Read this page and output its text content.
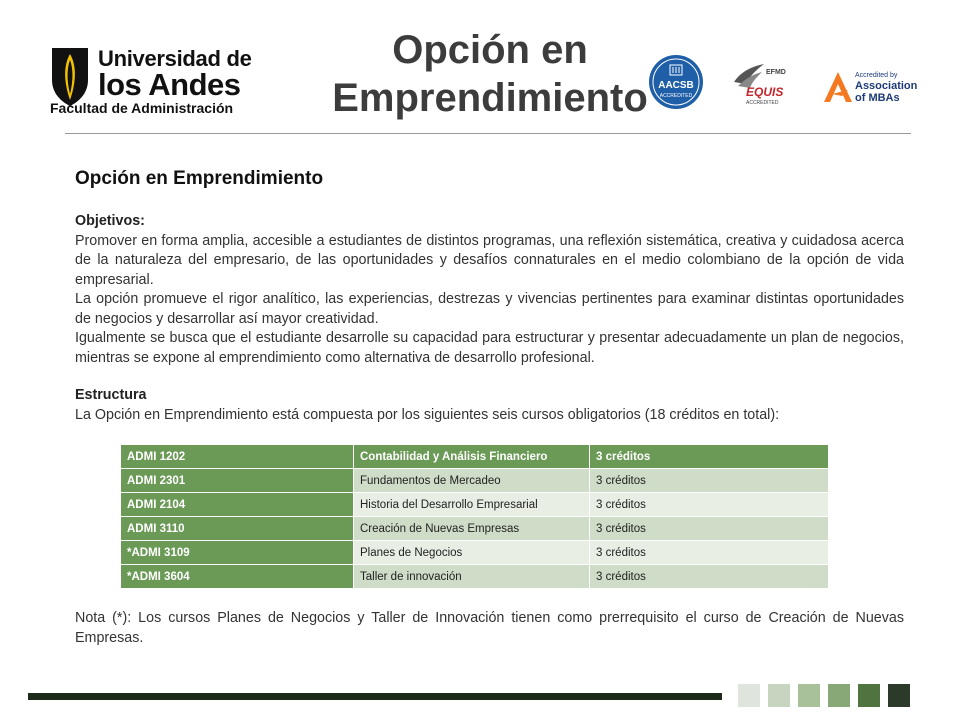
Universidad de
los Andes
Facultad de Administración
Opción en Emprendimiento	AACSB
ACCREDITED
EFMD
EQUIS
ACCREDITED
Accredited by
Association
of MBAs
Opción en Emprendimiento
Objetivos:
Promover en forma amplia, accesible a estudiantes de distintos programas, una reflexión sistemática, creativa y cuidadosa acerca de la naturaleza del empresario, de las oportunidades y desafíos connaturales en el medio colombiano de la opción de vida empresarial.
La opción promueve el rigor analítico, las experiencias, destrezas y vivencias pertinentes para examinar distintas oportunidades de negocios y desarrollar así mayor creatividad.
Igualmente se busca que el estudiante desarrolle su capacidad para estructurar y presentar adecuadamente un plan de negocios, mientras se expone al emprendimiento como alternativa de desarrollo profesional.
Estructura
La Opción en Emprendimiento está compuesta por los siguientes seis cursos obligatorios (18 créditos en total):
ADMI 1202	Contabilidad y Análisis Financiero	3 créditos
ADMI 2301	Fundamentos de Mercadeo	3 créditos
ADMI 2104	Historia del Desarrollo Empresarial	3 créditos
ADMI 3110	Creación de Nuevas Empresas	3 créditos
*ADMI 3109	Planes de Negocios	3 créditos
*ADMI 3604	Taller de innovación	3 créditos
Nota (*): Los cursos Planes de Negocios y Taller de Innovación tienen como prerrequisito el curso de Creación de Nuevas Empresas.
